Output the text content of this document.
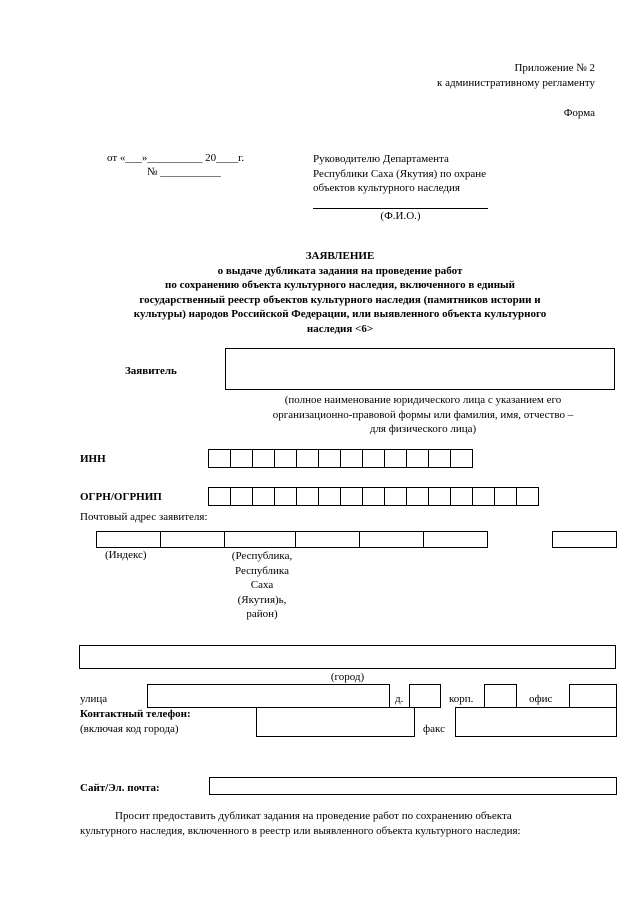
Приложение № 2
к административному регламенту
Форма
от «___»__________ 20____г.
№ ___________
Руководителю Департамента
Республики Саха (Якутия) по охране
объектов культурного наследия
(Ф.И.О.)
ЗАЯВЛЕНИЕ
о выдаче дубликата задания на проведение работ
по сохранению объекта культурного наследия, включенного в единый
государственный реестр объектов культурного наследия (памятников истории и
культуры) народов Российской Федерации, или выявленного объекта культурного
наследия <6>
Заявитель
(полное наименование юридического лица с указанием его
организационно-правовой формы или фамилия, имя, отчество –
для физического лица)
ИНН
ОГРН/ОГРНИП
Почтовый адрес заявителя:
(Индекс)	(Республика,
Республика
Саха
(Якутия)ь,
район)
(город)
улица	д.	корп.	офис
Контактный телефон:
(включая код города)	факс
Сайт/Эл. почта:
Просит предоставить дубликат задания на проведение работ по сохранению объекта
культурного наследия, включенного в реестр или выявленного объекта культурного наследия:
